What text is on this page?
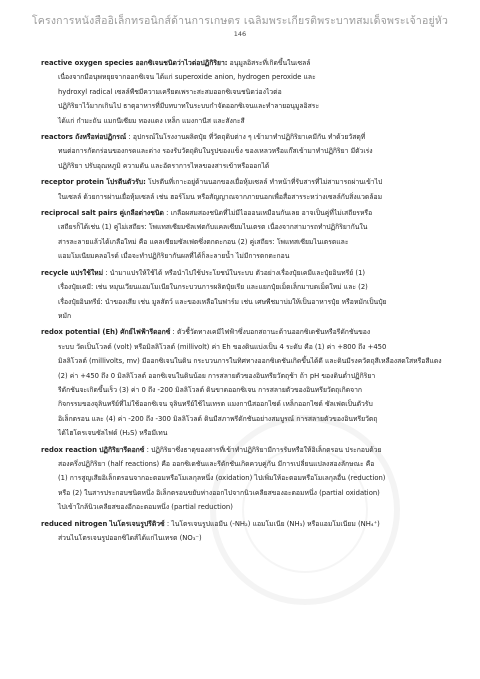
โครงการหนังสืออิเล็กทรอนิกส์ด้านการเกษตร เฉลิมพระเกียรติพระบาทสมเด็จพระเจ้าอยู่หัว
146
reactive oxygen species ออกซิเจนชนิดว่าไวต่อปฏิกิริยา: อนุมูลอิสระที่เกิดขึ้นในเซลล์
เนื่องจากมีอนุพหยุยจากออกซิเจน ได้แก่ superoxide anion, hydrogen peroxide และ
hydroxyl radical เซลล์พืชมีความเครียดเพราะสะสมออกซิเจนชนิดว่องไวต่อ
ปฏิกิริยาไว้มากเกินไป ธาตุอาหารที่มีบทบาทในระบบกำจัดออกซิเจนและทำลายอนุมูลอิสระ
ได้แก่ กำมะถัน แมกนีเซียม ทองแดง เหล็ก แมงกานีส และสังกะสี
reactors ถังหรือท่อปฏิกรณ์ : อุปกรณ์ในโรงงานผลิตปุ๋ย ที่วัตถุดิบต่าง ๆ เข้ามาทำปฏิกิริยาเคมีกัน ทำด้วยวัสดุที่
ทนต่อการกัดกร่อนของกรดและด่าง รองรับวัตถุดิบในรูปของแข็ง ของเหลวหรือแก๊สเข้ามาทำปฏิกิริยา มีตัวเร่ง
ปฏิกิริยา ปรับอุณหภูมิ ความดัน และอัตราการไหลของสารเข้าหรือออกได้
receptor protein โปรตีนตัวรับ: โปรตีนที่เกาะอยู่ด้านนอกของเยื่อหุ้มเซลล์ ทำหน้าที่รับสารที่ไม่สามารถผ่านเข้าไป
ในเซลล์ ด้วยการผ่านเยื่อหุ้มเซลล์ เช่น ฮอร์โมน หรือสัญญาณจากภายนอกเพื่อสื่อสารระหว่างเซลล์กับสิ่งแวดล้อม
reciprocal salt pairs คู่เกลือต่างชนิด : เกลือผสมสองชนิดที่ไม่มีไอออนเหมือนกันเลย อาจเป็นคู่ที่ไม่เสถียรหรือ
เสถียรก็ได้เช่น (1) คู่ไม่เสถียร: โพแทสเซียมซัลเฟตกับแคลเซียมไนเตรต เนื่องจากสามารถทำปฏิกิริยากันใน
สารละลายแล้วได้เกลือใหม่ คือ แคลเซียมซัลเฟตซึ่งตกตะกอน (2) คู่เสถียร: โพแทสเซียมไนเตรตและ
แอมโมเนียมคลอไรด์ เมื่อจะทำปฏิกิริยากันผลที่ได้ก็ละลายน้ำ ไม่มีการตกตะกอน
recycle แปรใช้ใหม่ : นำมาแปรให้ใช้ได้ หรือนำไปใช้ประโยชน์ในระบบ ตัวอย่างเรื่องปุ๋ยเคมีและปุ๋ยอินทรีย์ (1)
เรื่องปุ๋ยเคมี: เช่น หมุนเวียนแอมโมเนียในกระบวนการผลิตปุ๋ยเรีย และแยกปุ๋ยเม็ดเล็กมาบดเม็ดใหม่ และ (2)
เรื่องปุ๋ยอินทรีย์: นำของเสีย เช่น มูลสัตว์ และของเหลือในฟาร์ม เช่น เศษพืชมาบ่มให้เป็นอาหารปุ๋ย หรือหมักเป็นปุ๋ย
หมัก
redox potential (Eh) ศักย์ไฟฟ้ารีดอกซ์ : ตัวชี้วัดทางเคมีไฟฟ้าซึ่งบอกสถานะด้านออกซิเดชันหรือรีดักชันของ
ระบบ วัดเป็นโวลต์ (volt) หรือมิลลิโวลต์ (millivolt) ค่า Eh ของดินแบ่งเป็น 4 ระดับ คือ (1) ค่า +800 ถึง +450
มิลลิโวลต์ (millivolts, mv) มีออกซิเจนในดิน กระบวนการในทิศทางออกซิเดชันเกิดขึ้นได้ดี และดินมีรงควัตถุสีเหลืองสดใสหรือสีแดง
(2) ค่า +450 ถึง 0 มิลลิโวลต์ ออกซิเจนในดินน้อย การสลายตัวของอินทรียวัตถุช้า ถ้า pH ของดินต่ำปฏิกิริยา
รีดักชันจะเกิดขึ้นเร็ว (3) ค่า 0 ถึง -200 มิลลิโวลต์ ดินขาดออกซิเจน การสลายตัวของอินทรียวัตถุเกิดจาก
กิจกรรมของจุลินทรีย์ที่ไม่ใช้ออกซิเจน จุลินทรีย์ใช้ไนเทรต แมงกานีสออกไซด์ เหล็กออกไซด์ ซัลเฟตเป็นตัวรับ
อิเล็กตรอน และ (4) ค่า -200 ถึง -300 มิลลิโวลต์ ดินมีสภาพรีดักชันอย่างสมบูรณ์ การสลายตัวของอินทรียวัตถุ
ได้ไฮโดรเจนซัลไฟด์ (H₂S) หรือมีเทน
redox reaction ปฏิกิริยารีดอกซ์ : ปฏิกิริยาซึ่งธาตุของสารที่เข้าทำปฏิกิริยามีการรับหรือให้อิเล็กตรอน ประกอบด้วย
สองครึ่งปฏิกิริยา (half reactions) คือ ออกซิเดชันและรีดักชันเกิดควบคู่กัน มีการเปลี่ยนแปลงสองลักษณะ คือ
(1) การสูญเสียอิเล็กตรอนจากอะตอมหรือโมเลกุลหนึ่ง (oxidation) ไปเพิ่มให้อะตอมหรือโมเลกุลอื่น (reduction)
หรือ (2) ในสารประกอบชนิดหนึ่ง อิเล็กตรอนขยับห่างออกไปจากนิวเคลียสของอะตอมหนึ่ง (partial oxidation)
ไปเข้าใกล้นิวเคลียสของอีกอะตอมหนึ่ง (partial reduction)
reduced nitrogen ไนโตรเจนรูปรีดิวซ์ : ไนโตรเจนรูปแอมีน (-NH₂) แอมโมเนีย (NH₃) หรือแอมโมเนียม (NH₄⁺)
ส่วนไนโตรเจนรูปออกซิไดส์ได้แก่ไนเทรต (NO₃⁻)
